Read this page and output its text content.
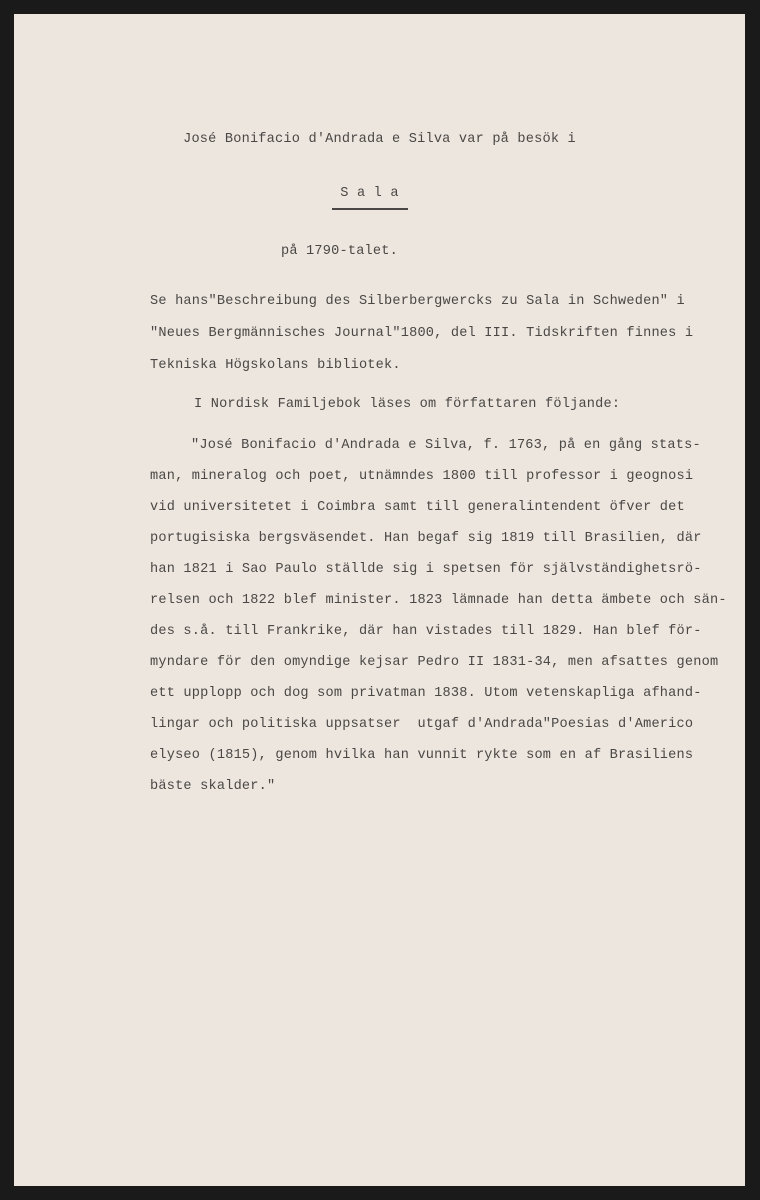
José Bonifacio d'Andrada e Silva var på besök i
S a l a
på 1790-talet.
Se hans"Beschreibung des Silberbergwercks zu Sala in Schweden" i
"Neues Bergmännisches Journal"1800, del III. Tidskriften finnes i
Tekniska Högskolans bibliotek.
I Nordisk Familjebok läses om författaren följande:
"José Bonifacio d'Andrada e Silva, f. 1763, på en gång stats-
man, mineralog och poet, utnämndes 1800 till professor i geognosi
vid universitetet i Coimbra samt till generalintendent öfver det
portugisiska bergsväsendet. Han begaf sig 1819 till Brasilien, där
han 1821 i Sao Paulo ställde sig i spetsen för självständighetsrö-
relsen och 1822 blef minister. 1823 lämnade han detta ämbete och sän-
des s.å. till Frankrike, där han vistades till 1829. Han blef för-
myndare för den omyndige kejsar Pedro II 1831-34, men afsattes genom
ett upplopp och dog som privatman 1838. Utom vetenskapliga afhand-
lingar och politiska uppsatser  utgaf d'Andrada"Poesias d'Americo
elyseo (1815), genom hvilka han vunnit rykte som en af Brasiliens
bäste skalder."
